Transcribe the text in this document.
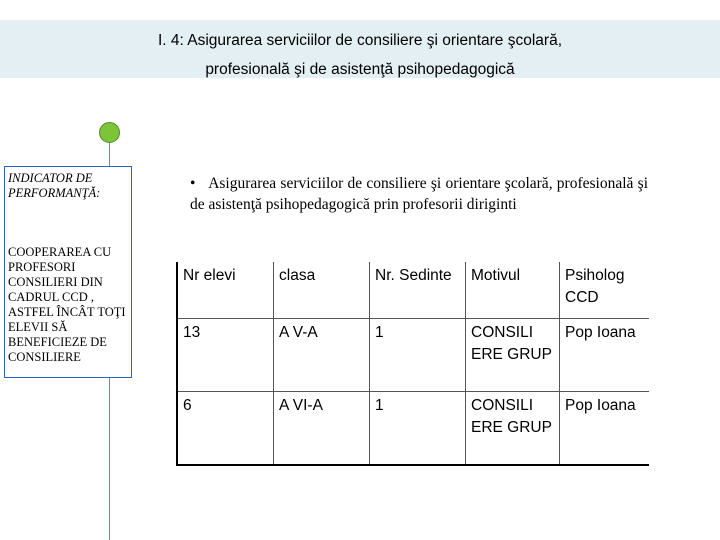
I. 4: Asigurarea serviciilor de consiliere şi orientare şcolară,
profesională şi de asistenţă psihopedagogică
INDICATOR DE PERFORMANŢĂ:
COOPERAREA CU PROFESORI CONSILIERI DIN CADRUL CCD , ASTFEL ÎNCÂT TOŢI ELEVII SĂ BENEFICIEZE DE CONSILIERE
• Asigurarea serviciilor de consiliere şi orientare şcolară, profesională şi de asistenţă psihopedagogică prin profesorii diriginti
Nr elevi	clasa	Nr. Sedinte	Motivul	Psiholog CCD
13	A V-A	1	CONSILI ERE GRUP	Pop Ioana
6	A VI-A	1	CONSILI ERE GRUP	Pop Ioana
